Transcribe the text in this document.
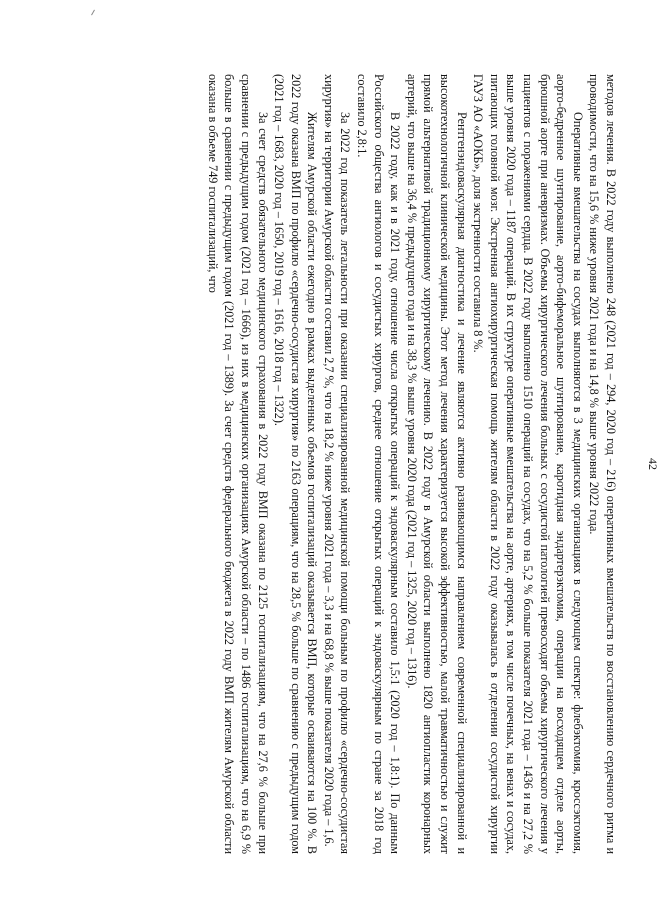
42

методов лечения. В 2022 году выполнено 248 (2021 год – 294, 2020 год – 216) оперативных вмешательств по восстановлению сердечного ритма и проводимости, что на 15,6 % ниже уровня 2021 года и на 14,8 % выше уровня 2022 года.

Оперативные вмешательства на сосудах выполняются в 3 медицинских организациях в следующем спектре: флебэктомия, кроссэктомия, аорто-бедренное шунтирование, аорто-бифеморальное шунтирование, каротидная эндартерэктомия, операции на восходящем отделе аорты, брюшной аорте при аневризмах. Объемы хирургического лечения больных с сосудистой патологией превосходят объемы хирургического лечения у пациентов с поражениями сердца. В 2022 году выполнено 1510 операций на сосудах, что на 5,2 % больше показателя 2021 года – 1436 и на 27,2 % выше уровня 2020 года – 1187 операций. В их структуре оперативные вмешательства на аорте, артериях, в том числе почечных, на венах и сосудах, питающих головной мозг. Экстренная ангиохирургическая помощь жителям области в 2022 году оказывалась в отделении сосудистой хирургии ГАУЗ АО «АОКБ», доля экстренности составила 8 %.

Рентгенэндоваскулярная диагностика и лечение являются активно развивающимся направлением современной специализированной и высокотехнологичной клинической медицины. Этот метод лечения характеризуется высокой эффективностью, малой травматичностью и служит прямой альтернативой традиционному хирургическому лечению. В 2022 году в Амурской области выполнено 1820 ангиопластик коронарных артерий, что выше на 36,4 % предыдущего года и на 38,3 % выше уровня 2020 года (2021 год – 1325, 2020 год – 1316).

В 2022 году, как и в 2021 году, отношение числа открытых операций к эндоваскулярным составило 1,5:1 (2020 год – 1,8:1). По данным Российского общества ангиологов и сосудистых хирургов, среднее отношение открытых операций к эндоваскулярным по стране за 2018 год составило 2,8:1.

За 2022 год показатель летальности при оказании специализированной медицинской помощи больным по профилю «сердечно-сосудистая хирургия» на территории Амурской области составил 2,7 %, что на 18,2 % ниже уровня 2021 года – 3,3 и на 68,8 % выше показателя 2020 года – 1,6.

Жителям Амурской области ежегодно в рамках выделенных объемов госпитализаций оказывается ВМП, которые осваиваются на 100 %. В 2022 году оказана ВМП по профилю «сердечно-сосудистая хирургия» по 2163 операциям, что на 28,5 % больше по сравнению с предыдущим годом (2021 год – 1683, 2020 год – 1650, 2019 год – 1616, 2018 год – 1322).

За счет средств обязательного медицинского страхования в 2022 году ВМП оказана по 2125 госпитализациям, что на 27,6 % больше при сравнении с предыдущим годом (2021 год – 1666), из них в медицинских организациях Амурской области – по 1486 госпитализациям, что на 6,9 % больше в сравнении с предыдущим годом (2021 год – 1389). За счет средств федерального бюджета в 2022 году ВМП жителям Амурской области оказана в объеме 749 госпитализаций, что
